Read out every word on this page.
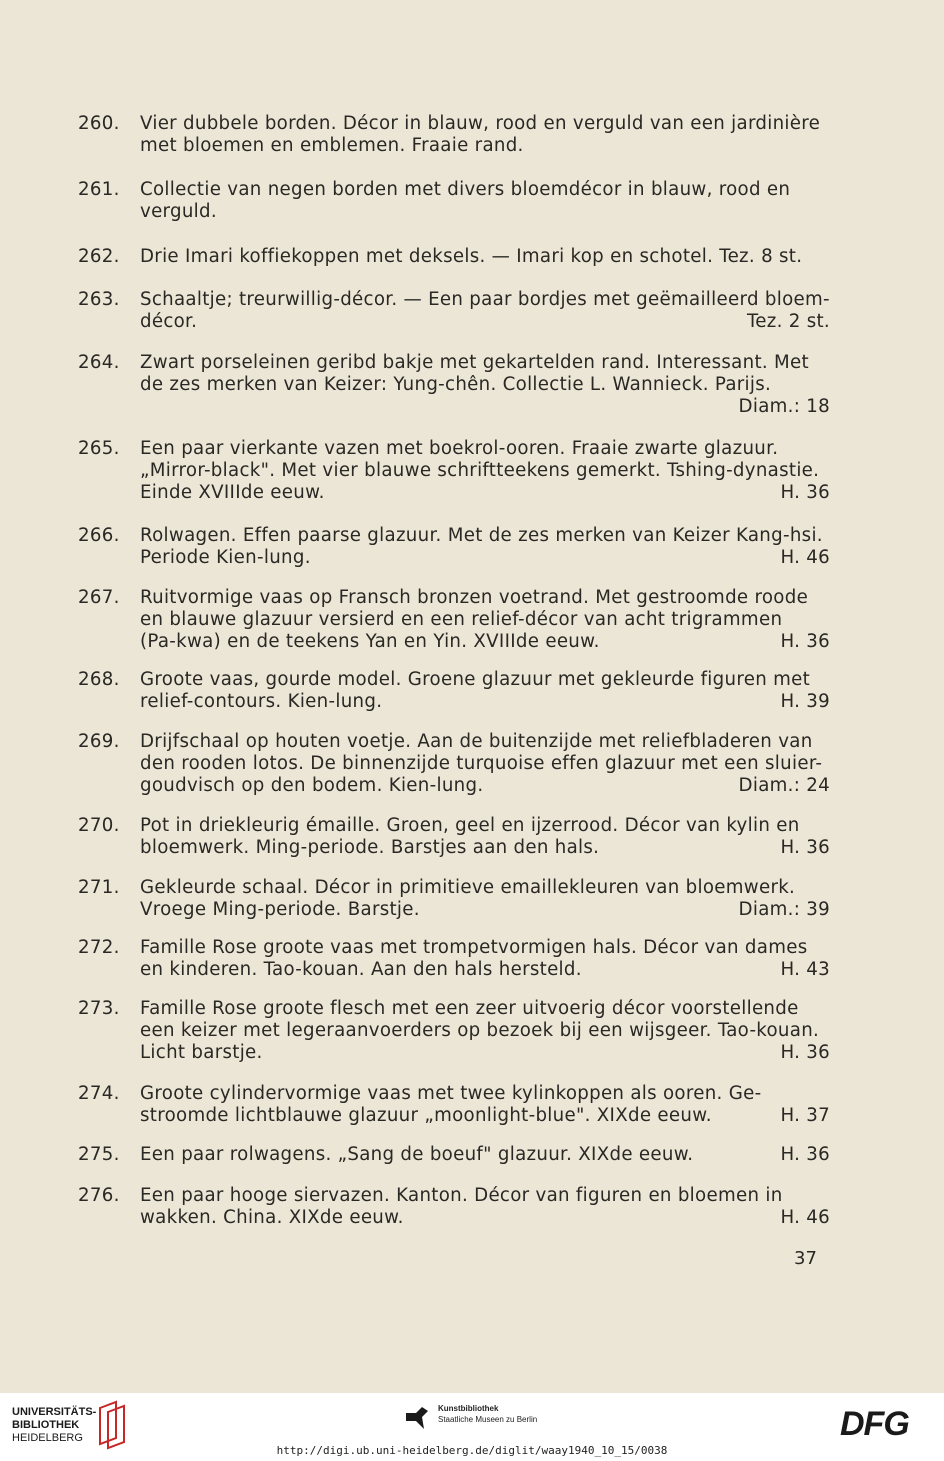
260.	Vier dubbele borden. Décor in blauw, rood en verguld van een jardinière
met bloemen en emblemen. Fraaie rand.
261.	Collectie van negen borden met divers bloemdécor in blauw, rood en
verguld.
262.	Drie Imari koffiekoppen met deksels. — Imari kop en schotel. Tez. 8 st.
263.	Schaaltje; treurwillig-décor. — Een paar bordjes met geëmailleerd bloem-
décor.	Tez. 2 st.
264.	Zwart porseleinen geribd bakje met gekartelden rand. Interessant. Met
de zes merken van Keizer: Yung-chên. Collectie L. Wannieck. Parijs.
Diam.: 18
265.	Een paar vierkante vazen met boekrol-ooren. Fraaie zwarte glazuur.
„Mirror-black". Met vier blauwe schriftteekens gemerkt. Tshing-dynastie.
Einde XVIIIde eeuw.	H. 36
266.	Rolwagen. Effen paarse glazuur. Met de zes merken van Keizer Kang-hsi.
Periode Kien-lung.	H. 46
267.	Ruitvormige vaas op Fransch bronzen voetrand. Met gestroomde roode
en blauwe glazuur versierd en een relief-décor van acht trigrammen
(Pa-kwa) en de teekens Yan en Yin. XVIIIde eeuw.	H. 36
268.	Groote vaas, gourde model. Groene glazuur met gekleurde figuren met
relief-contours. Kien-lung.	H. 39
269.	Drijfschaal op houten voetje. Aan de buitenzijde met reliefbladeren van
den rooden lotos. De binnenzijde turquoise effen glazuur met een sluier-
goudvisch op den bodem. Kien-lung.	Diam.: 24
270.	Pot in driekleurig émaille. Groen, geel en ijzerrood. Décor van kylin en
bloemwerk. Ming-periode. Barstjes aan den hals.	H. 36
271.	Gekleurde schaal. Décor in primitieve emaillekleuren van bloemwerk.
Vroege Ming-periode. Barstje.	Diam.: 39
272.	Famille Rose groote vaas met trompetvormigen hals. Décor van dames
en kinderen. Tao-kouan. Aan den hals hersteld.	H. 43
273.	Famille Rose groote flesch met een zeer uitvoerig décor voorstellende
een keizer met legeraanvoerders op bezoek bij een wijsgeer. Tao-kouan.
Licht barstje.	H. 36
274.	Groote cylindervormige vaas met twee kylinkoppen als ooren. Ge-
stroomde lichtblauwe glazuur „moonlight-blue". XIXde eeuw.	H. 37
275.	Een paar rolwagens. „Sang de boeuf" glazuur. XIXde eeuw.	H. 36
276.	Een paar hooge siervazen. Kanton. Décor van figuren en bloemen in
wakken. China. XIXde eeuw.	H. 46
37
UNIVERSITÄTS-
BIBLIOTHEK
HEIDELBERG
Kunstbibliothek
Staatliche Museen zu Berlin	DFG
http://digi.ub.uni-heidelberg.de/diglit/waay1940_10_15/0038
